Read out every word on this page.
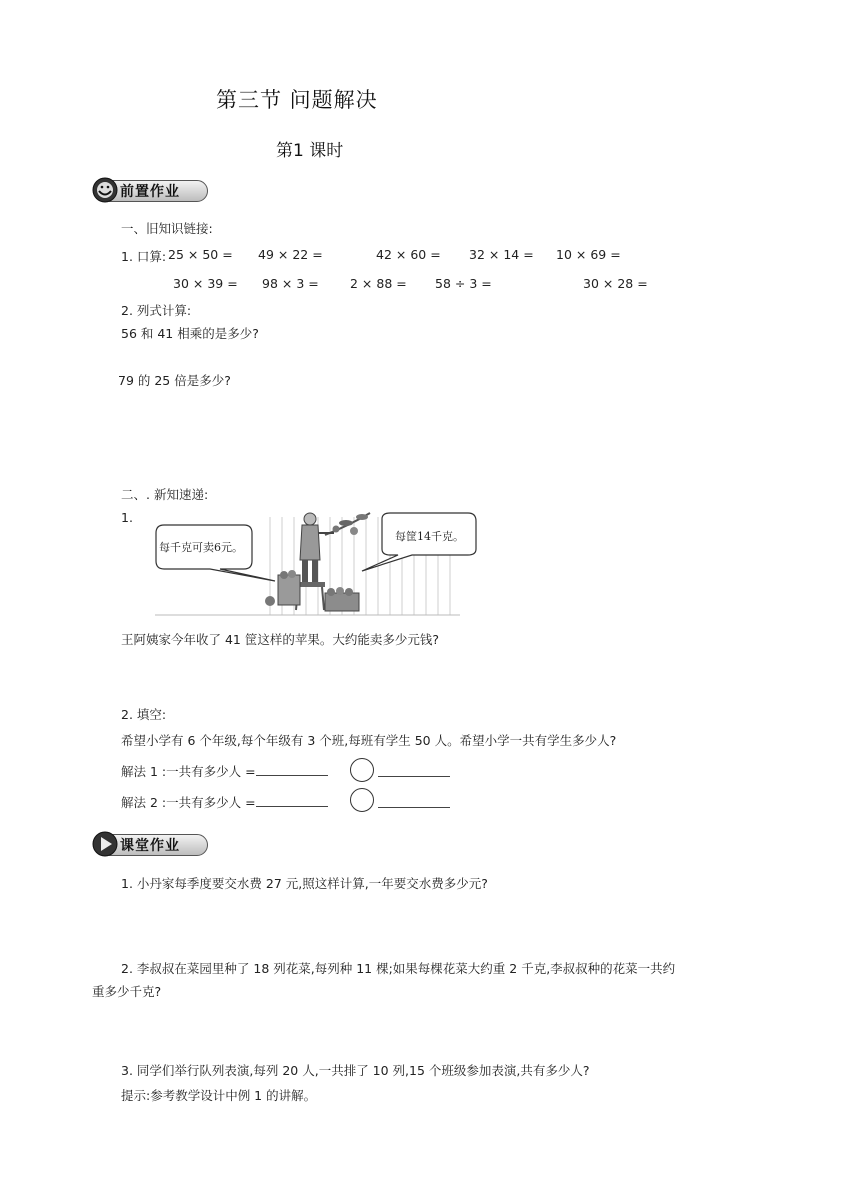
第三节 问题解决
第1 课时
前置作业
一、旧知识链接:
1. 口算: 25 × 50 = 49 × 22 =	42 × 60 = 32 × 14 = 10 × 69 =
30 × 39 = 98 × 3 =	2 × 88 = 58 ÷ 3 =	30 × 28 =
2. 列式计算:
56 和 41 相乘的是多少?
79 的 25 倍是多少?
二、. 新知速递:
1.
每千克可卖6元。
每筐14千克。
王阿姨家今年收了 41 筐这样的苹果。大约能卖多少元钱?
2. 填空:
希望小学有 6 个年级,每个年级有 3 个班,每班有学生 50 人。希望小学一共有学生多少人?
解法 1 :一共有多少人 =
解法 2 :一共有多少人 =
课堂作业
1. 小丹家每季度要交水费 27 元,照这样计算,一年要交水费多少元?
2. 李叔叔在菜园里种了 18 列花菜,每列种 11 棵;如果每棵花菜大约重 2 千克,李叔叔种的花菜一共约
重多少千克?
3. 同学们举行队列表演,每列 20 人,一共排了 10 列,15 个班级参加表演,共有多少人?
提示:参考教学设计中例 1 的讲解。
